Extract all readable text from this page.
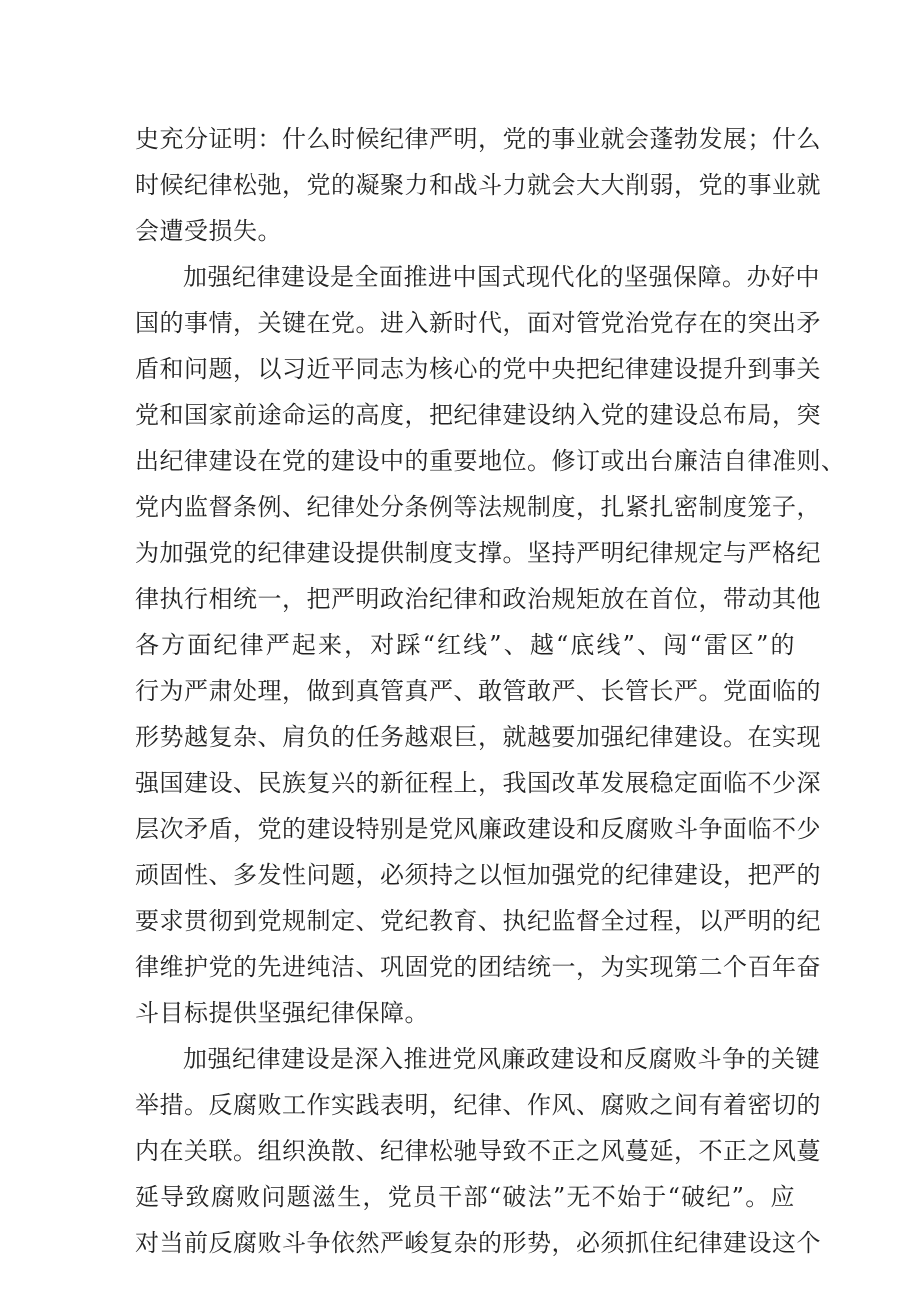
史充分证明：什么时候纪律严明，党的事业就会蓬勃发展；什么
时候纪律松弛，党的凝聚力和战斗力就会大大削弱，党的事业就
会遭受损失。
加强纪律建设是全面推进中国式现代化的坚强保障。办好中
国的事情，关键在党。进入新时代，面对管党治党存在的突出矛
盾和问题，以习近平同志为核心的党中央把纪律建设提升到事关
党和国家前途命运的高度，把纪律建设纳入党的建设总布局，突
出纪律建设在党的建设中的重要地位。修订或出台廉洁自律准则、
党内监督条例、纪律处分条例等法规制度，扎紧扎密制度笼子，
为加强党的纪律建设提供制度支撑。坚持严明纪律规定与严格纪
律执行相统一，把严明政治纪律和政治规矩放在首位，带动其他
各方面纪律严起来，对踩“红线”、越“底线”、闯“雷区”的
行为严肃处理，做到真管真严、敢管敢严、长管长严。党面临的
形势越复杂、肩负的任务越艰巨，就越要加强纪律建设。在实现
强国建设、民族复兴的新征程上，我国改革发展稳定面临不少深
层次矛盾，党的建设特别是党风廉政建设和反腐败斗争面临不少
顽固性、多发性问题，必须持之以恒加强党的纪律建设，把严的
要求贯彻到党规制定、党纪教育、执纪监督全过程，以严明的纪
律维护党的先进纯洁、巩固党的团结统一，为实现第二个百年奋
斗目标提供坚强纪律保障。
加强纪律建设是深入推进党风廉政建设和反腐败斗争的关键
举措。反腐败工作实践表明，纪律、作风、腐败之间有着密切的
内在关联。组织涣散、纪律松驰导致不正之风蔓延，不正之风蔓
延导致腐败问题滋生，党员干部“破法”无不始于“破纪”。应
对当前反腐败斗争依然严峻复杂的形势，必须抓住纪律建设这个
